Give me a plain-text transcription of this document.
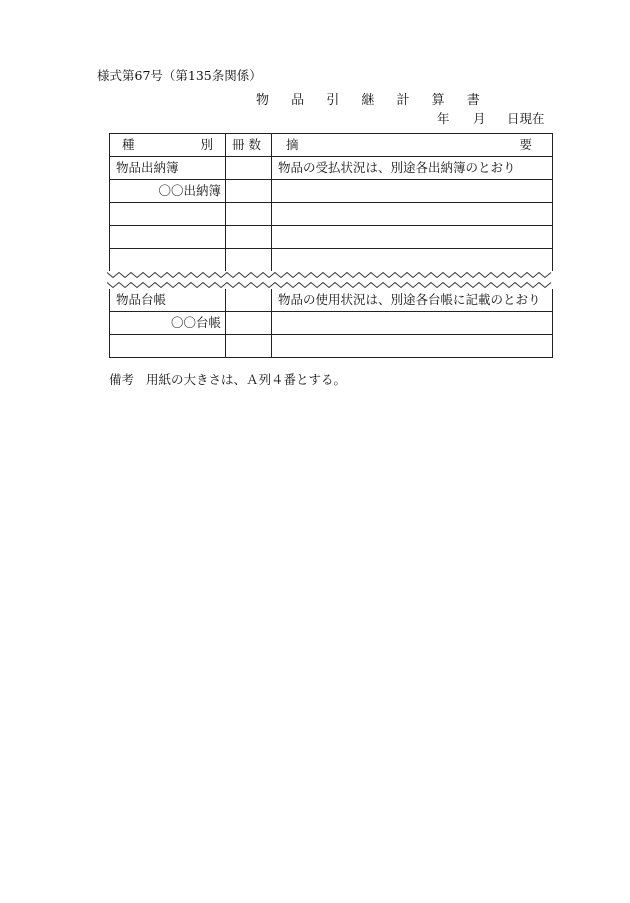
様式第67号（第135条関係）
物 品 引 継 計 算 書
年 月 日現在
種 別	冊 数	摘 要

物品出納簿		物品の受払状況は、別途各出納簿のとおり
〇〇出納簿		

物品台帳		物品の使用状況は、別途各台帳に記載のとおり
〇〇台帳		

備考 用紙の大きさは、Ａ列４番とする。
